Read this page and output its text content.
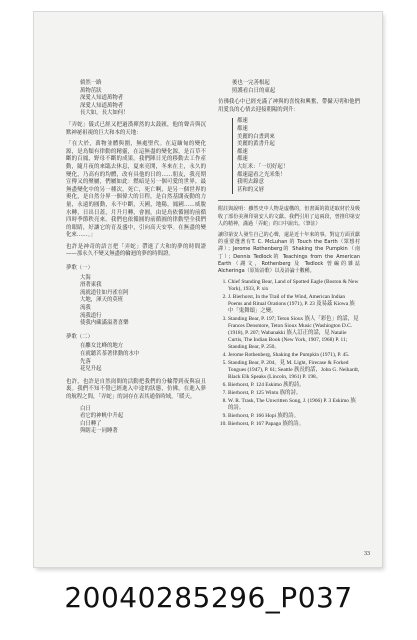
倘然一路
萬物茁狀
深愛人知道萬物者
深愛人知道萬物者
長大如，長大如何！

「弄蛇」儀式已經又把過漢禪然的太鼓匯，他的聲音與沉默神祕祖視的巨大和本的天地：

「在大於，萬物並體與圍，無處聖代。在這緬甸的變化源，是鳥類有律動的精靈，在這無盡的變化源，是百草不斷的百鳳，野母不斷的成果。我們陣日光的移動去工作產動，隨月夜的來臨去休息，夏來亮開，冬來在主，永久的變化，乃高有的均體，改有具他的日的……朋友，我亮期宣傳又的聚屬，們屬如此：燃暗是另一個可愛的世界，最無盡變化中的另一種次。死亡，死亡啊，是另一個世界的奧化，是自然分界一個偉大的日程。是白然基闊夜動的力量，永遠的圓動，永不中斷，天國，地陽，鳳國……威脫水轉，日出日蓋，月升月轉，會圓，由是鳥依循圓的前循四時季節秩亮來。我們也依循圓的前循圓的律動型全我們的眼睛，好讓它的育及盛中，引向高天安寧。在無盡的變化來……。」

也許是神奇的語言把「弄蛇」帶進了大和的夢的時間證——那永久不變又無盡的輪迴的夢的時間證。

夢歌（一）
大海
滑著東我
流就道往如丹雀在阿
大地，渾天的莫班
流我
流我道行
使我内藏滿溢著喜樂
夢歌（二）
在離女比峰的地方
在就聽茗茶著律動的水中
先落
花兒升起

也許，也許是自然崗間的活動把我們的分輪帶到夜與寂且裏。我們不知不覺已經進入中途的狀態，仿佛，在進入夢的航程之間，「弄蛇」的詞存在表其通俗時域，「暖天。

白日
看它的神帆中升起
白日轉了
與瞎走一同睡著
後也一完善根起
照護看白日的東起

彷彿我心中已經充滿了神與的喜悅和興奮，帶攝天明和他們用愛良的心情去迎接朝陽的到升：

都速
都速
美麗的白晝到來
美麗的黃書升起
都速
都速
大紅米：「一切好起！
都速還看之光米集！
我明去錄意
甚和的又唇

附註與說明：雖然史中人物是虛構的，但書面的敘述取材於及吸收了部份美洲印第安人的文獻。我們引用了這兩段，曾推印第安人的精神，滿過「弄蛇」的口中說出。（筆註）

讓印第安人發生自己的心聲，還是近十年來的事。對這方面貢獻的重要選著有T. C. McLuhan 的 Touch the Earth（眾想村譯）；Jerome Rothenberg的 Shaking the Pumpkin（南丁）；Dennis Tedlock的 Teachings from the American Earth（謝文，Rothenberg 及 Tedlock 曾編的雜誌 Alcheringa（原始詩歌）以及詩論十數種。

1. Chief Standing Bear, Land of Spotted Eagle (Boston & New York), 1933, P. xix
2. J. Bierhorst, In the Trail of the Wind, American Indian Poems and Ritual Orations (1971), P. 23 及易茲 Kiowa 族中「鬼舞頌」之變。
3. Standing Bear, P. 197; Teton Sioux 族人「彩色」的話，見 Frances Densmore, Teton Sioux Music (Washington D.C. (1918), P. 207; Wabanakki 族人訂正的話，見 Natalie Curtis, The Indian Book (New York, 1907, 1968) P. 11; Standing Bear, P. 250。
4. Jerome Rothenberg, Shaking the Pumpkin (1971), P. 45.
5. Standing Bear, P. 204。見 M. Light, Firecase & Forked Tongues (1947), P. 61; Seattle 族長的話，John G. Neihardt, Black Elk Speaks (Lincoln, 1961) P. 198。
6. Bierhorst, P. 124 Eskimo 族的詩。
7. Bierhorst, P. 125 Wintu 族的詩。
8. W. R. Trask, The Unwritten Song, J. (1966) P. 3 Eskimo 族的詩。
9. Bierhorst, P. 166 Hopi 族的詩。
10. Bierhorst, P. 167 Papago 族的詩。
33
20040285296_P037
